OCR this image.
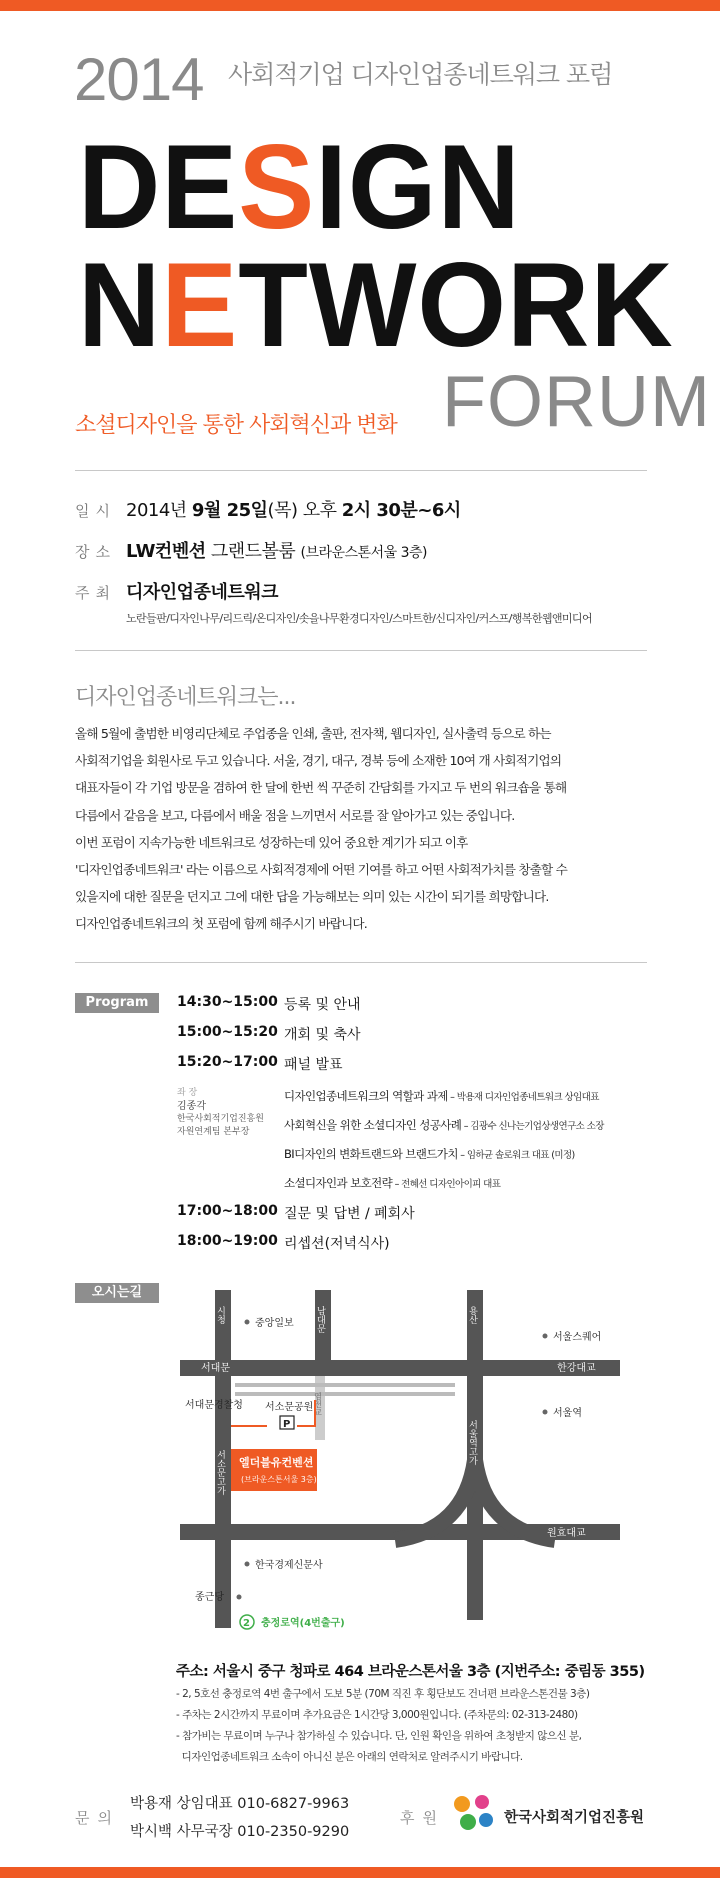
2014 사회적기업 디자인업종네트워크 포럼
DESIGN
NETWORK
소셜디자인을 통한 사회혁신과 변화 FORUM
일시 2014년 9월 25일(목) 오후 2시 30분~6시
장소 LW컨벤션 그랜드볼룸 (브라운스톤서울 3층)
주최 디자인업종네트워크
노란들판/디자인나무/리드릭/온디자인/솟을나무환경디자인/스마트한/신디자인/커스프/행복한웹앤미디어
디자인업종네트워크는...
올해 5월에 출범한 비영리단체로 주업종을 인쇄, 출판, 전자책, 웹디자인, 실사출력 등으로 하는
사회적기업을 회원사로 두고 있습니다. 서울, 경기, 대구, 경북 등에 소재한 10여 개 사회적기업의
대표자들이 각 기업 방문을 겸하여 한 달에 한번 씩 꾸준히 간담회를 가지고 두 번의 워크숍을 통해
다름에서 같음을 보고, 다름에서 배울 점을 느끼면서 서로를 잘 알아가고 있는 중입니다.
이번 포럼이 지속가능한 네트워크로 성장하는데 있어 중요한 계기가 되고 이후
'디자인업종네트워크' 라는 이름으로 사회적경제에 어떤 기여를 하고 어떤 사회적가치를 창출할 수
있을지에 대한 질문을 던지고 그에 대한 답을 가능해보는 의미 있는 시간이 되기를 희망합니다.
디자인업종네트워크의 첫 포럼에 함께 해주시기 바랍니다.
Program	14:30~15:00 등록 및 안내
15:00~15:20 개회 및 축사
15:20~17:00 패널 발표
좌 장
김종각
한국사회적기업진흥원
자원연계팀 본부장
디자인업종네트워크의 역할과 과제 – 박용재 디자인업종네트워크 상임대표
사회혁신을 위한 소셜디자인 성공사례 – 김광수 신나는기업상생연구소 소장
BI디자인의 변화트랜드와 브랜드가치 – 임하균 솔로워크 대표 (미정)
소셜디자인과 보호전략 – 전혜선 디자인아이피 대표
17:00~18:00 질문 및 답변 / 폐회사
18:00~19:00 리셉션(저녁식사)
오시는길
서대문	한강대교
원효대교
시청	남대문	용산
서소문고가
서울역고가
염천교
중앙일보
서울스퀘어
서대문경찰청 서소문공원
서울역
한국경제신문사
종근당
P
엘더블유컨벤션
(브라운스톤서울 3층)
2 충정로역(4번출구)
주소: 서울시 중구 청파로 464 브라운스톤서울 3층 (지번주소: 중림동 355)
- 2, 5호선 충정로역 4번 출구에서 도보 5분 (70M 직진 후 횡단보도 건너편 브라운스톤건물 3층)
- 주차는 2시간까지 무료이며 추가요금은 1시간당 3,000원입니다. (주차문의: 02-313-2480)
- 참가비는 무료이며 누구나 참가하실 수 있습니다. 단, 인원 확인을 위하여 초청받지 않으신 분,
디자인업종네트워크 소속이 아니신 분은 아래의 연락처로 알려주시기 바랍니다.
문의
박용재 상임대표 010-6827-9963
박시백 사무국장 010-2350-9290
후원	한국사회적기업진흥원
